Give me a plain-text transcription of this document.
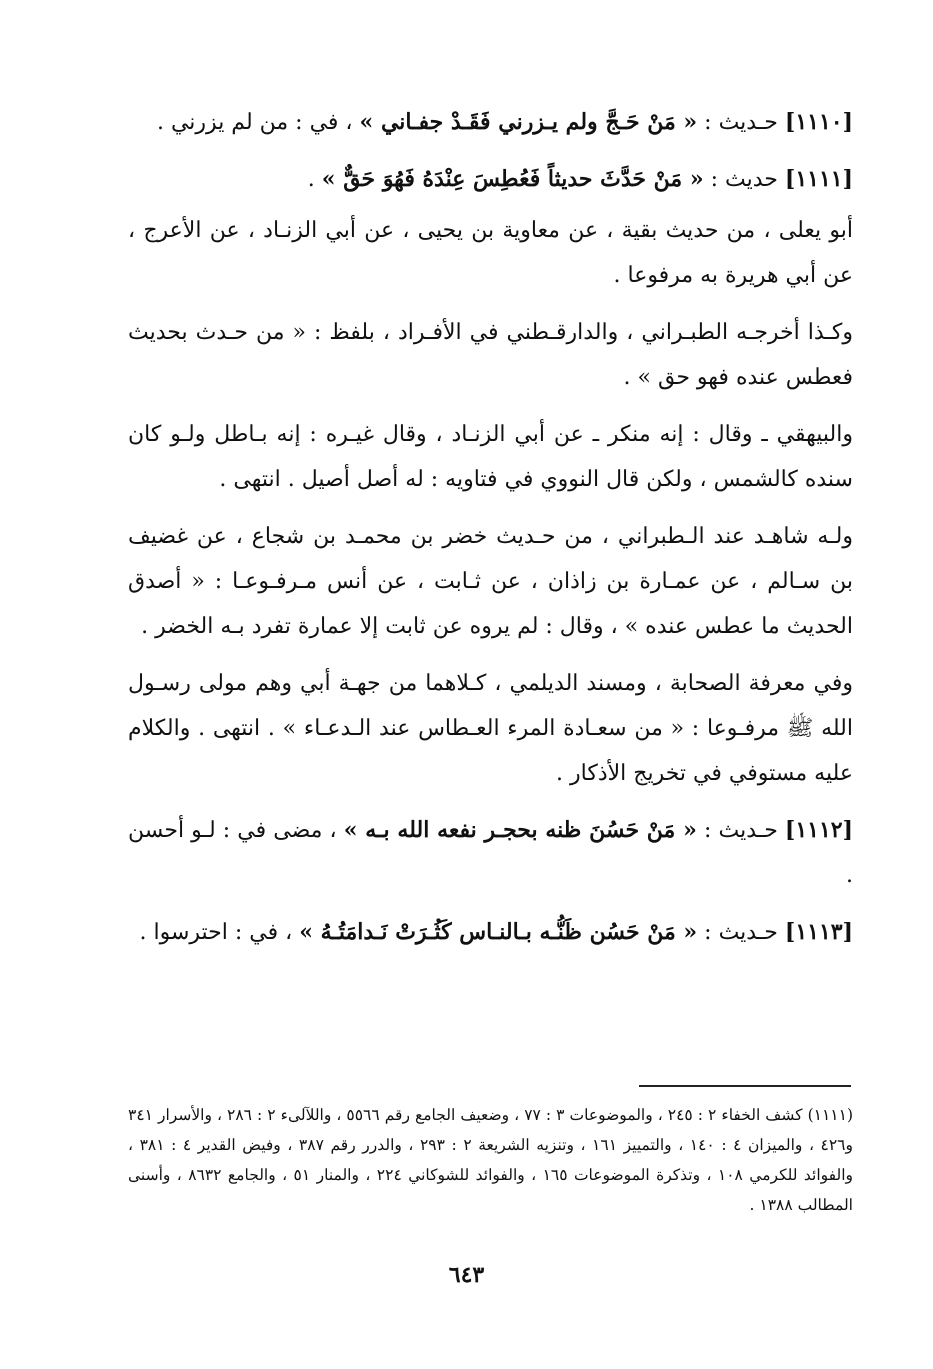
[١١١٠] حـديث : « مَنْ حَـجَّ ولم يـزرني فَقَـدْ جفـاني » ، في : من لم يزرني .

[١١١١] حديث : « مَنْ حَدَّثَ حديثاً فَعُطِسَ عِنْدَهُ فَهُوَ حَقٌّ » .

أبو يعلى ، من حديث بقية ، عن معاوية بن يحيى ، عن أبي الزنـاد ، عن الأعرج ، عن أبي هريرة به مرفوعا .

وكـذا أخرجـه الطبـراني ، والدارقـطني في الأفـراد ، بلفظ : « من حـدث بحديث فعطس عنده فهو حق » .

والبيهقي ـ وقال : إنه منكر ـ عن أبي الزنـاد ، وقال غيـره : إنه بـاطل ولـو كان سنده كالشمس ، ولكن قال النووي في فتاويه : له أصل أصيل . انتهى .

ولـه شاهـد عند الـطبراني ، من حـديث خضر بن محمـد بن شجاع ، عن غضيف بن سـالم ، عن عمـارة بن زاذان ، عن ثـابت ، عن أنس مـرفـوعـا : « أصدق الحديث ما عطس عنده » ، وقال : لم يروه عن ثابت إلا عمارة تفرد بـه الخضر .

وفي معرفة الصحابة ، ومسند الديلمي ، كـلاهما من جهـة أبي وهم مولى رسـول الله ﷺ مرفـوعا : « من سعـادة المرء العـطاس عند الـدعـاء » . انتهى . والكلام عليه مستوفي في تخريج الأذكار .

[١١١٢] حـديث : « مَنْ حَسُنَ ظنه بحجـر نفعه الله بـه » ، مضى في : لـو أحسن .

[١١١٣] حـديث : « مَنْ حَسُن ظَنُّـه بـالنـاس كَثُـرَتْ نَـدامَتُـهُ » ، في : احترسوا .

(١١١١) كشف الخفاء ٢ : ٢٤٥ ، والموضوعات ٣ : ٧٧ ، وضعيف الجامع رقم ٥٥٦٦ ، واللآلىء ٢ : ٢٨٦ ، والأسرار ٣٤١ و٤٢٦ ، والميزان ٤ : ١٤٠ ، والتمييز ١٦١ ، وتنزيه الشريعة ٢ : ٢٩٣ ، والدرر رقم ٣٨٧ ، وفيض القدير ٤ : ٣٨١ ، والفوائد للكرمي ١٠٨ ، وتذكرة الموضوعات ١٦٥ ، والفوائد للشوكاني ٢٢٤ ، والمنار ٥١ ، والجامع ٨٦٣٢ ، وأسنى المطالب ١٣٨٨ .

٦٤٣
